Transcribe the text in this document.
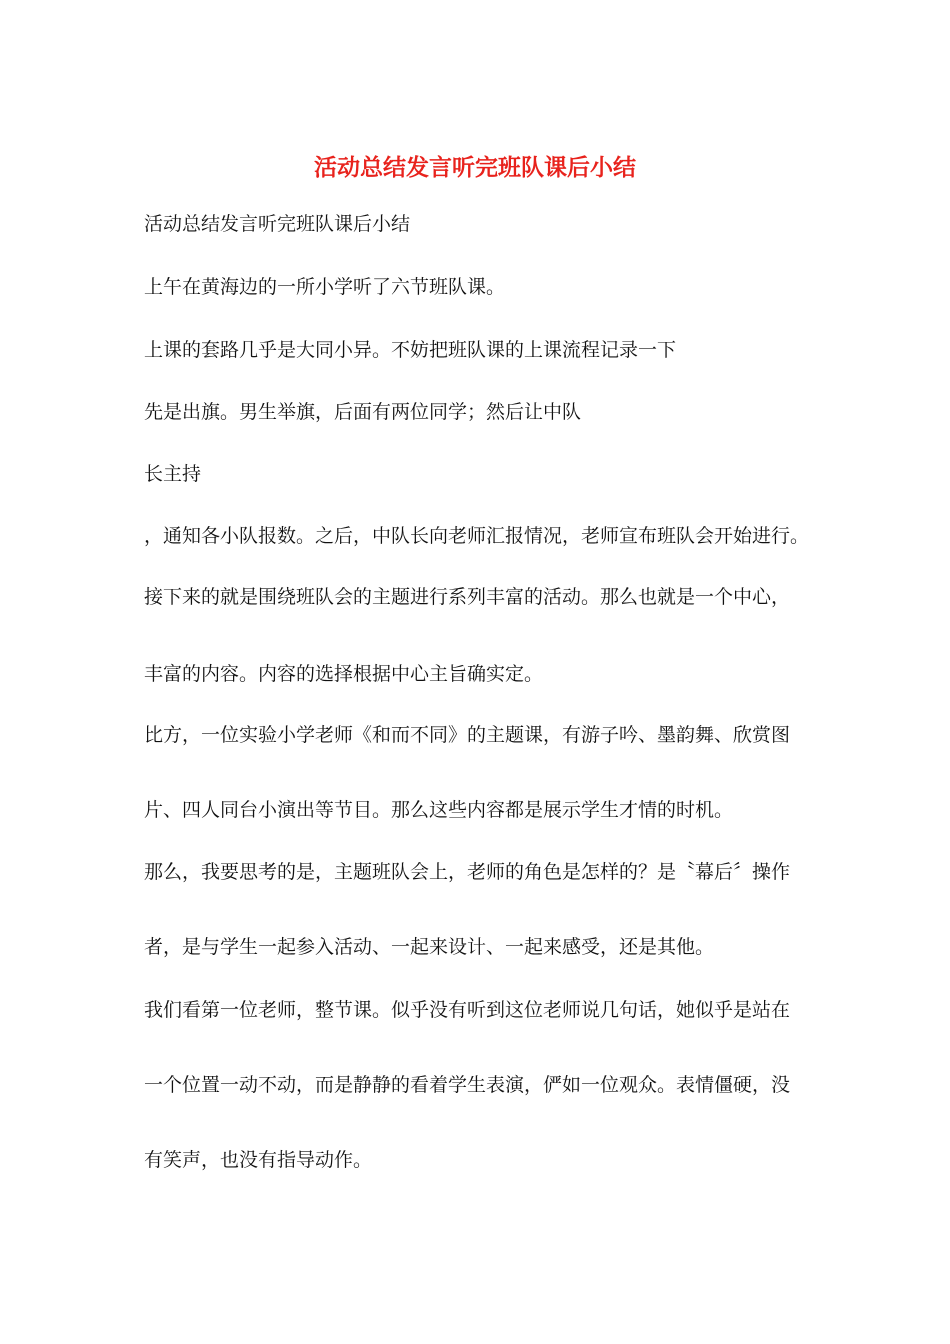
活动总结发言听完班队课后小结
活动总结发言听完班队课后小结
上午在黄海边的一所小学听了六节班队课。
上课的套路几乎是大同小异。不妨把班队课的上课流程记录一下
先是出旗。男生举旗，后面有两位同学；然后让中队
长主持
，通知各小队报数。之后，中队长向老师汇报情况，老师宣布班队会开始进行。
接下来的就是围绕班队会的主题进行系列丰富的活动。那么也就是一个中心，
丰富的内容。内容的选择根据中心主旨确实定。
比方，一位实验小学老师《和而不同》的主题课，有游子吟、墨韵舞、欣赏图
片、四人同台小演出等节目。那么这些内容都是展示学生才情的时机。
那么，我要思考的是，主题班队会上，老师的角色是怎样的？是〝幕后〞操作
者，是与学生一起参入活动、一起来设计、一起来感受，还是其他。
我们看第一位老师，整节课。似乎没有听到这位老师说几句话，她似乎是站在
一个位置一动不动，而是静静的看着学生表演，俨如一位观众。表情僵硬，没
有笑声，也没有指导动作。
